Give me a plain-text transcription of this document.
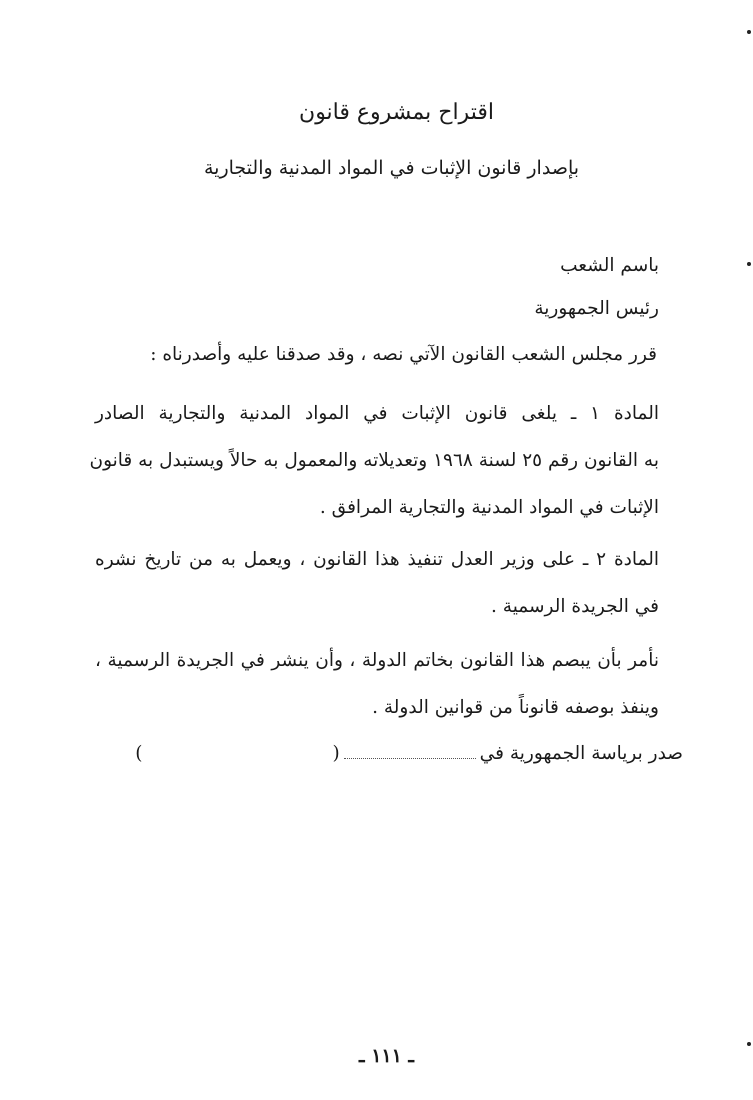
اقتراح بمشروع قانون
بإصدار قانون الإثبات في المواد المدنية والتجارية
باسم الشعب
رئيس الجمهورية
قرر مجلس الشعب القانون الآتي نصه ، وقد صدقنا عليه وأصدرناه :
المادة ١ ـ يلغى قانون الإثبات في المواد المدنية والتجارية الصادر
به القانون رقم ٢٥ لسنة ١٩٦٨ وتعديلاته والمعمول به حالاً ويستبدل به قانون
الإثبات في المواد المدنية والتجارية المرافق .
المادة ٢ ـ على وزير العدل تنفيذ هذا القانون ، ويعمل به من تاريخ نشره
في الجريدة الرسمية .
نأمر بأن يبصم هذا القانون بخاتم الدولة ، وأن ينشر في الجريدة الرسمية ،
وينفذ بوصفه قانوناً من قوانين الدولة .
صدر برياسة الجمهورية في
(
)
ـ ١١١ ـ
